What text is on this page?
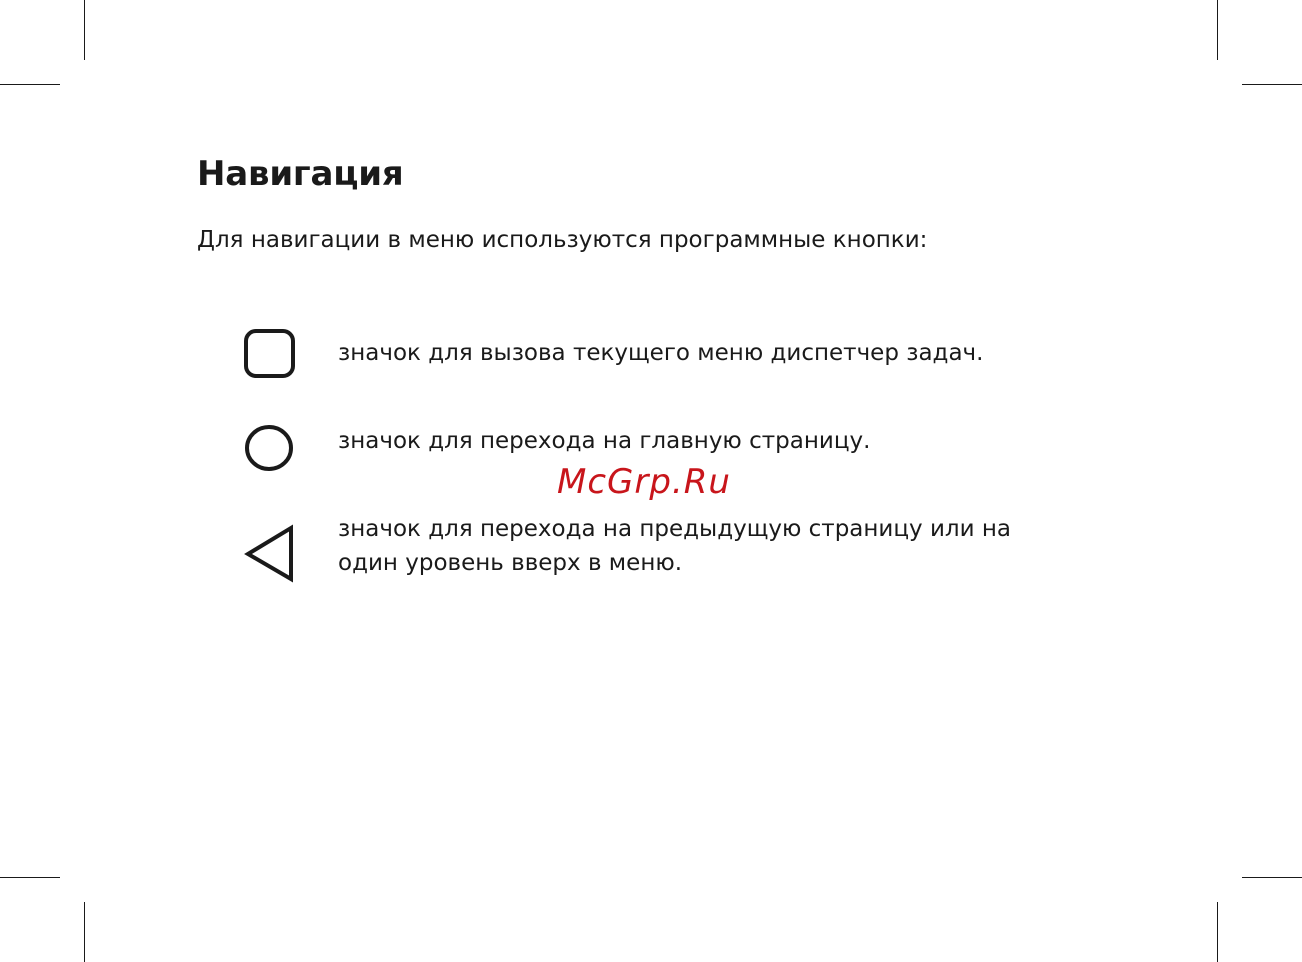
Навигация

Для навигации в меню используются программные кнопки:

значок для вызова текущего меню диспетчер задач.
значок для перехода на главную страницу.
значок для перехода на предыдущую страницу или на
один уровень вверх в меню.
McGrp.Ru
